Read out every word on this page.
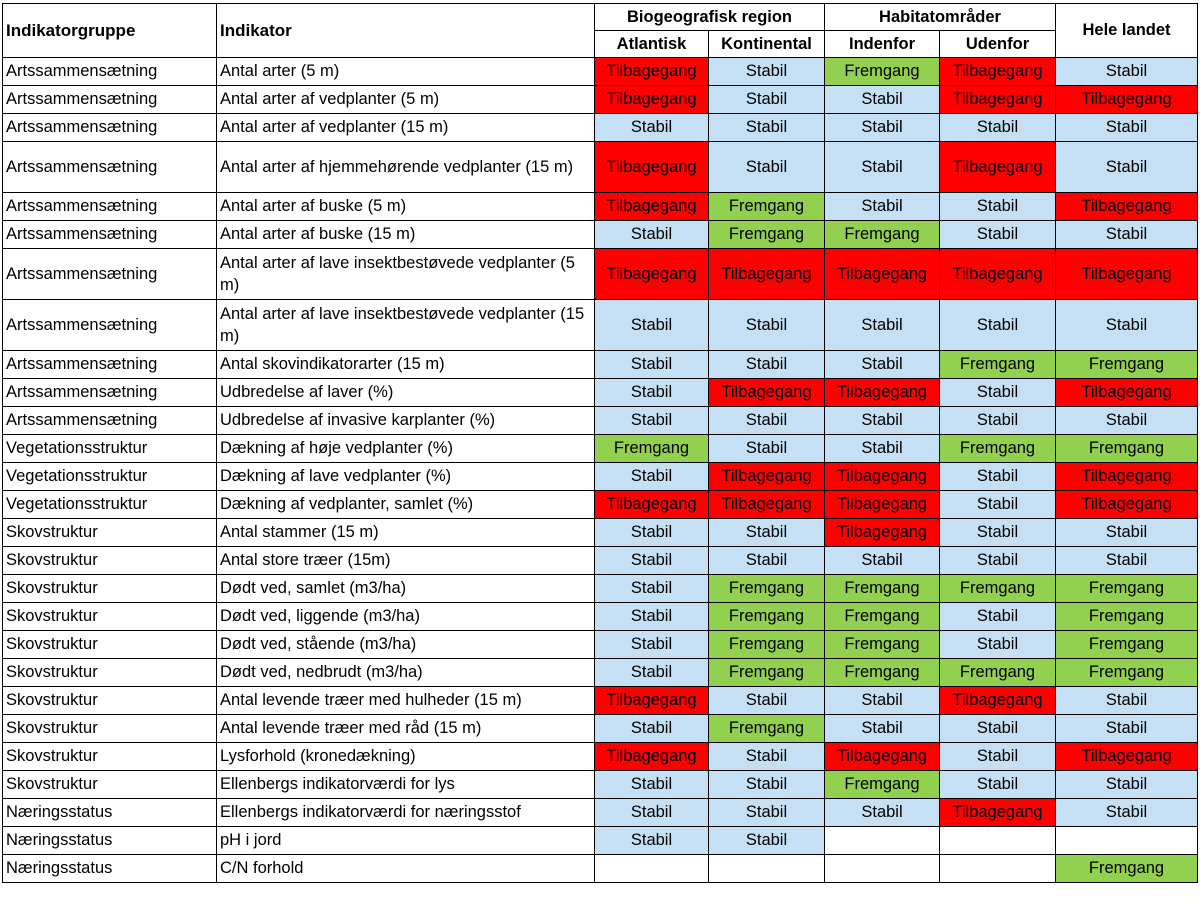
Indikatorgruppe	Indikator	Biogeografisk region		Habitatområder		Hele landet
		Atlantisk	Kontinental	Indenfor	Udenfor	
Artssammensætning	Antal arter (5 m)	Tilbagegang	Stabil	Fremgang	Tilbagegang	Stabil
Artssammensætning	Antal arter af vedplanter (5 m)	Tilbagegang	Stabil	Stabil	Tilbagegang	Tilbagegang
Artssammensætning	Antal arter af vedplanter (15 m)	Stabil	Stabil	Stabil	Stabil	Stabil
Artssammensætning	Antal arter af hjemmehørende vedplanter (15 m)	Tilbagegang	Stabil	Stabil	Tilbagegang	Stabil
Artssammensætning	Antal arter af buske (5 m)	Tilbagegang	Fremgang	Stabil	Stabil	Tilbagegang
Artssammensætning	Antal arter af buske (15 m)	Stabil	Fremgang	Fremgang	Stabil	Stabil
Artssammensætning	Antal arter af lave insektbestøvede vedplanter (5 m)	Tilbagegang	Tilbagegang	Tilbagegang	Tilbagegang	Tilbagegang
Artssammensætning	Antal arter af lave insektbestøvede vedplanter (15 m)	Stabil	Stabil	Stabil	Stabil	Stabil
Artssammensætning	Antal skovindikatorarter (15 m)	Stabil	Stabil	Stabil	Fremgang	Fremgang
Artssammensætning	Udbredelse af laver (%)	Stabil	Tilbagegang	Tilbagegang	Stabil	Tilbagegang
Artssammensætning	Udbredelse af invasive karplanter (%)	Stabil	Stabil	Stabil	Stabil	Stabil
Vegetationsstruktur	Dækning af høje vedplanter (%)	Fremgang	Stabil	Stabil	Fremgang	Fremgang
Vegetationsstruktur	Dækning af lave vedplanter (%)	Stabil	Tilbagegang	Tilbagegang	Stabil	Tilbagegang
Vegetationsstruktur	Dækning af vedplanter, samlet (%)	Tilbagegang	Tilbagegang	Tilbagegang	Stabil	Tilbagegang
Skovstruktur	Antal stammer (15 m)	Stabil	Stabil	Tilbagegang	Stabil	Stabil
Skovstruktur	Antal store træer (15m)	Stabil	Stabil	Stabil	Stabil	Stabil
Skovstruktur	Dødt ved, samlet (m3/ha)	Stabil	Fremgang	Fremgang	Fremgang	Fremgang
Skovstruktur	Dødt ved, liggende (m3/ha)	Stabil	Fremgang	Fremgang	Stabil	Fremgang
Skovstruktur	Dødt ved, stående (m3/ha)	Stabil	Fremgang	Fremgang	Stabil	Fremgang
Skovstruktur	Dødt ved, nedbrudt (m3/ha)	Stabil	Fremgang	Fremgang	Fremgang	Fremgang
Skovstruktur	Antal levende træer med hulheder (15 m)	Tilbagegang	Stabil	Stabil	Tilbagegang	Stabil
Skovstruktur	Antal levende træer med råd (15 m)	Stabil	Fremgang	Stabil	Stabil	Stabil
Skovstruktur	Lysforhold (kronedækning)	Tilbagegang	Stabil	Tilbagegang	Stabil	Tilbagegang
Skovstruktur	Ellenbergs indikatorværdi for lys	Stabil	Stabil	Fremgang	Stabil	Stabil
Næringsstatus	Ellenbergs indikatorværdi for næringsstof	Stabil	Stabil	Stabil	Tilbagegang	Stabil
Næringsstatus	pH i jord	Stabil	Stabil			
Næringsstatus	C/N forhold					Fremgang
